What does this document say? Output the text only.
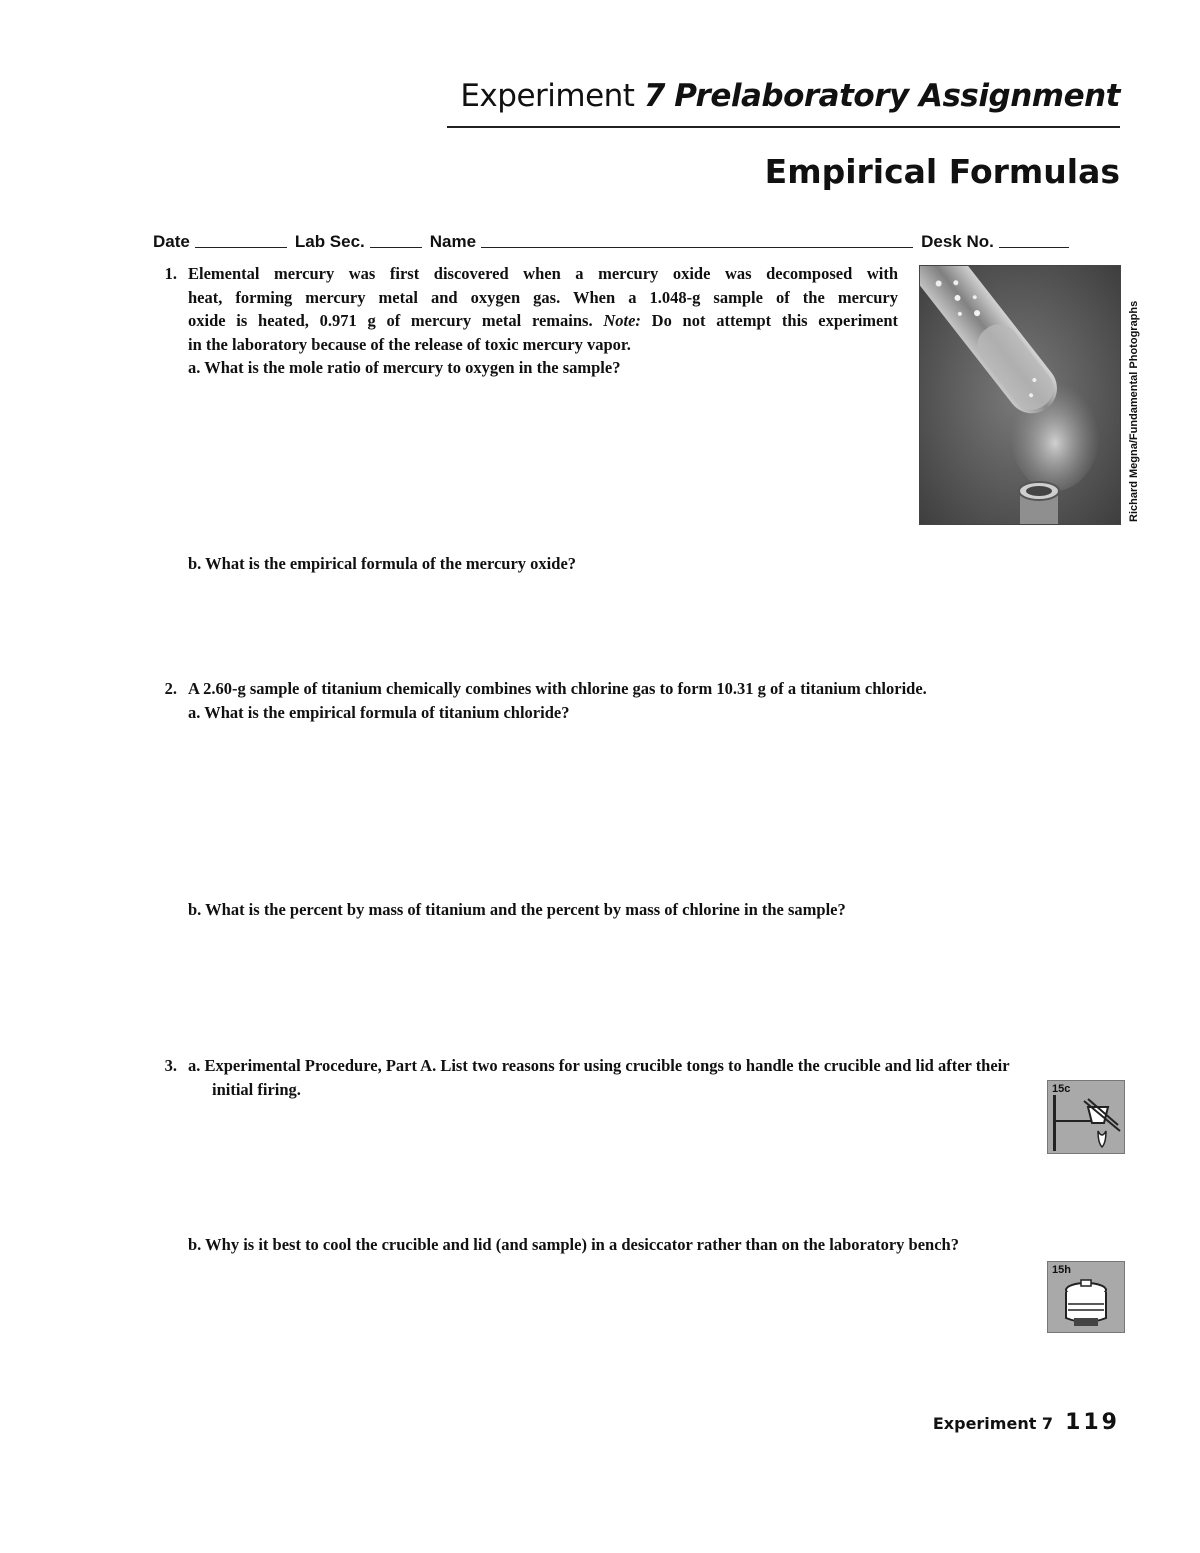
Experiment 7 Prelaboratory Assignment
Empirical Formulas
Date	Lab Sec.	Name	Desk No.
1. Elemental mercury was first discovered when a mercury oxide was decomposed with
heat, forming mercury metal and oxygen gas. When a 1.048-g sample of the mercury
oxide is heated, 0.971 g of mercury metal remains. Note: Do not attempt this experiment
in the laboratory because of the release of toxic mercury vapor.
a. What is the mole ratio of mercury to oxygen in the sample?	Richard Megna/Fundamental Photographs
b. What is the empirical formula of the mercury oxide?
2. A 2.60-g sample of titanium chemically combines with chlorine gas to form 10.31 g of a titanium chloride.
a. What is the empirical formula of titanium chloride?
b. What is the percent by mass of titanium and the percent by mass of chlorine in the sample?
3. a. Experimental Procedure, Part A. List two reasons for using crucible tongs to handle the crucible and lid after their
initial firing.	15c
b. Why is it best to cool the crucible and lid (and sample) in a desiccator rather than on the laboratory bench?
15h
Experiment 7 119
